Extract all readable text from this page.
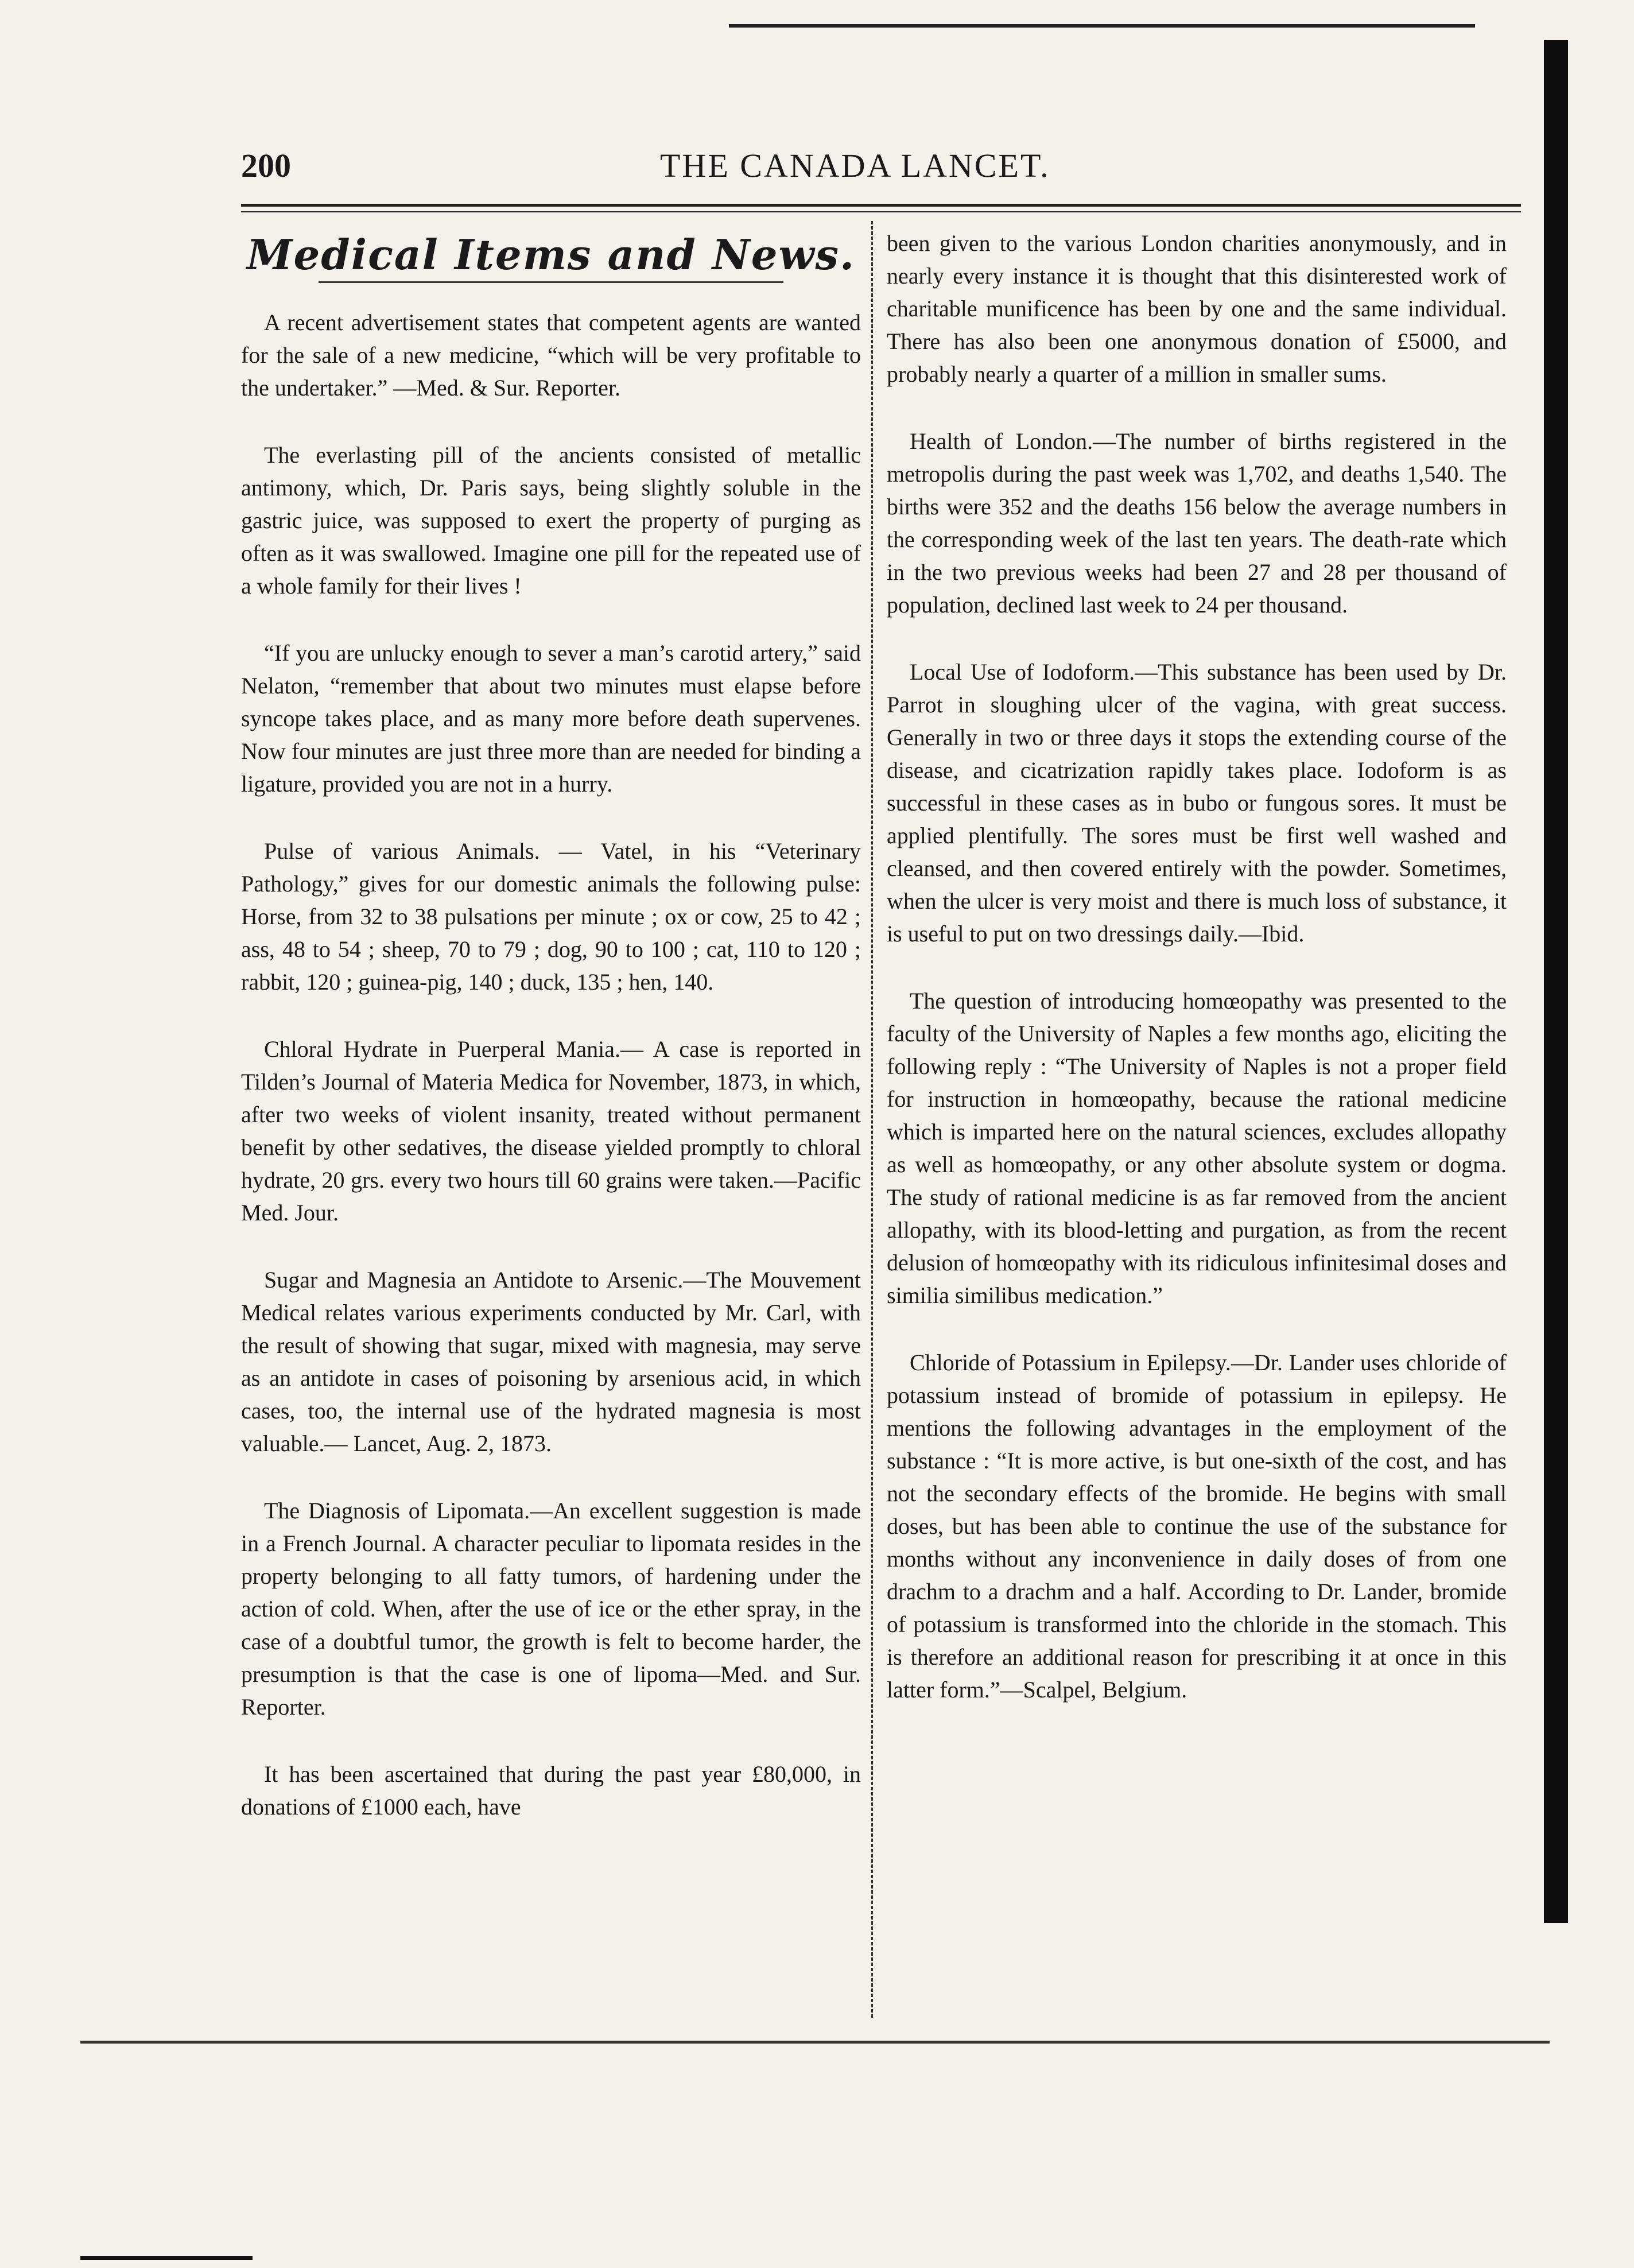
200	THE CANADA LANCET.
Medical Items and News.

A recent advertisement states that competent agents are wanted for the sale of a new medicine, “which will be very profitable to the undertaker.” —Med. & Sur. Reporter.

The everlasting pill of the ancients consisted of metallic antimony, which, Dr. Paris says, being slightly soluble in the gastric juice, was supposed to exert the property of purging as often as it was swallowed. Imagine one pill for the repeated use of a whole family for their lives !

“If you are unlucky enough to sever a man’s carotid artery,” said Nelaton, “remember that about two minutes must elapse before syncope takes place, and as many more before death supervenes. Now four minutes are just three more than are needed for binding a ligature, provided you are not in a hurry.

Pulse of various Animals. — Vatel, in his “Veterinary Pathology,” gives for our domestic animals the following pulse: Horse, from 32 to 38 pulsations per minute ; ox or cow, 25 to 42 ; ass, 48 to 54 ; sheep, 70 to 79 ; dog, 90 to 100 ; cat, 110 to 120 ; rabbit, 120 ; guinea-pig, 140 ; duck, 135 ; hen, 140.

Chloral Hydrate in Puerperal Mania.— A case is reported in Tilden’s Journal of Materia Medica for November, 1873, in which, after two weeks of violent insanity, treated without permanent benefit by other sedatives, the disease yielded promptly to chloral hydrate, 20 grs. every two hours till 60 grains were taken.—Pacific Med. Jour.

Sugar and Magnesia an Antidote to Arsenic.—The Mouvement Medical relates various experiments conducted by Mr. Carl, with the result of showing that sugar, mixed with magnesia, may serve as an antidote in cases of poisoning by arsenious acid, in which cases, too, the internal use of the hydrated magnesia is most valuable.— Lancet, Aug. 2, 1873.

The Diagnosis of Lipomata.—An excellent suggestion is made in a French Journal. A character peculiar to lipomata resides in the property belonging to all fatty tumors, of hardening under the action of cold. When, after the use of ice or the ether spray, in the case of a doubtful tumor, the growth is felt to become harder, the presumption is that the case is one of lipoma—Med. and Sur. Reporter.

It has been ascertained that during the past year £80,000, in donations of £1000 each, have

been given to the various London charities anonymously, and in nearly every instance it is thought that this disinterested work of charitable munificence has been by one and the same individual. There has also been one anonymous donation of £5000, and probably nearly a quarter of a million in smaller sums.

Health of London.—The number of births registered in the metropolis during the past week was 1,702, and deaths 1,540. The births were 352 and the deaths 156 below the average numbers in the corresponding week of the last ten years. The death-rate which in the two previous weeks had been 27 and 28 per thousand of population, declined last week to 24 per thousand.

Local Use of Iodoform.—This substance has been used by Dr. Parrot in sloughing ulcer of the vagina, with great success. Generally in two or three days it stops the extending course of the disease, and cicatrization rapidly takes place. Iodoform is as successful in these cases as in bubo or fungous sores. It must be applied plentifully. The sores must be first well washed and cleansed, and then covered entirely with the powder. Sometimes, when the ulcer is very moist and there is much loss of substance, it is useful to put on two dressings daily.—Ibid.

The question of introducing homœopathy was presented to the faculty of the University of Naples a few months ago, eliciting the following reply : “The University of Naples is not a proper field for instruction in homœopathy, because the rational medicine which is imparted here on the natural sciences, excludes allopathy as well as homœopathy, or any other absolute system or dogma. The study of rational medicine is as far removed from the ancient allopathy, with its blood-letting and purgation, as from the recent delusion of homœopathy with its ridiculous infinitesimal doses and similia similibus medication.”

Chloride of Potassium in Epilepsy.—Dr. Lander uses chloride of potassium instead of bromide of potassium in epilepsy. He mentions the following advantages in the employment of the substance : “It is more active, is but one-sixth of the cost, and has not the secondary effects of the bromide. He begins with small doses, but has been able to continue the use of the substance for months without any inconvenience in daily doses of from one drachm to a drachm and a half. According to Dr. Lander, bromide of potassium is transformed into the chloride in the stomach. This is therefore an additional reason for prescribing it at once in this latter form.”—Scalpel, Belgium.
